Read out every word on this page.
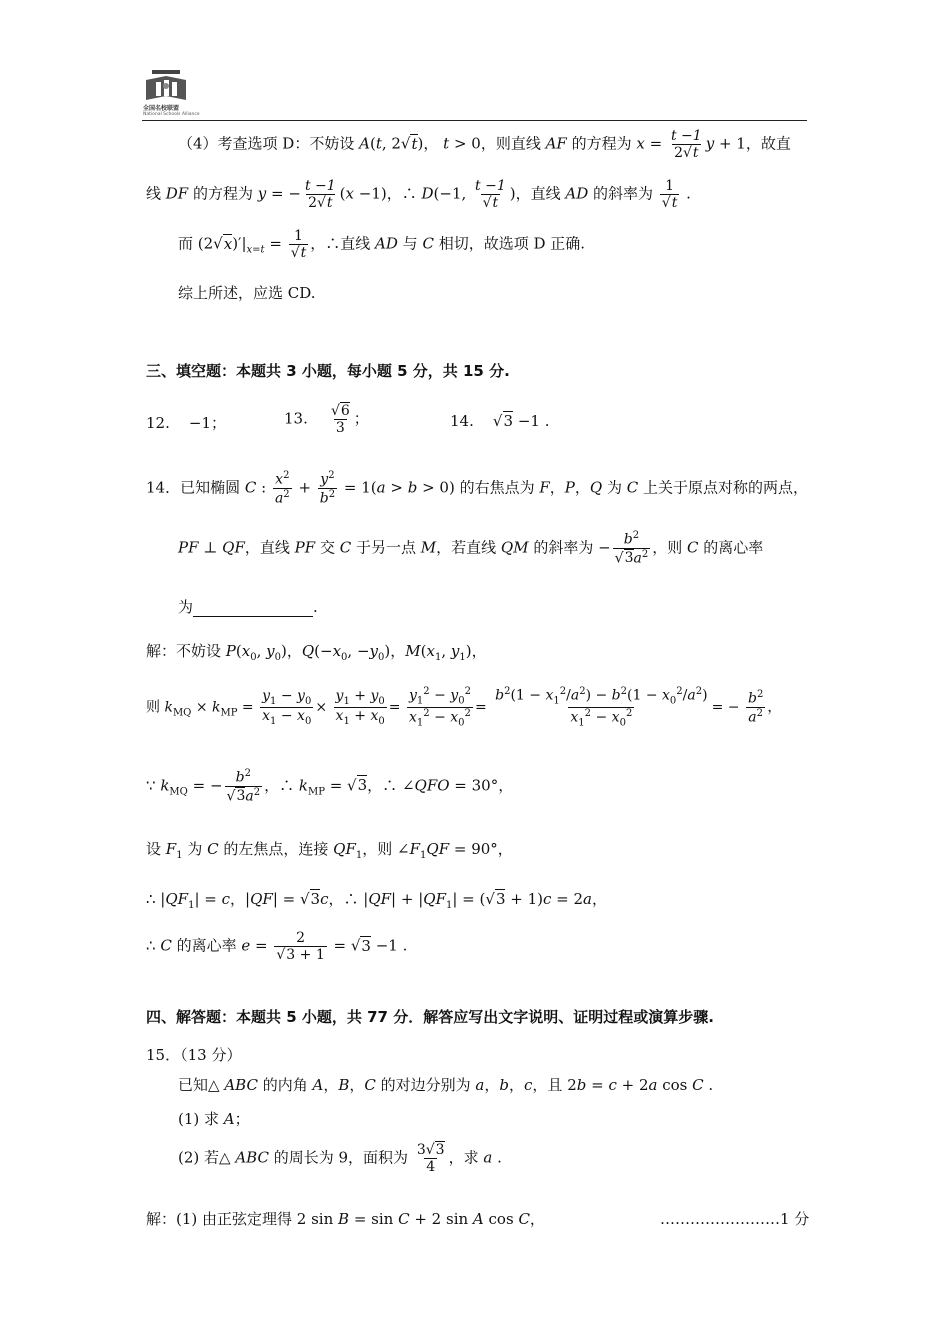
全国名校联盟
National Schools Alliance
（4）考查选项 D：不妨设 A(t, 2√t)， t > 0，则直线 AF 的方程为 $x = \frac{t -1}{2√t}$ y + 1，故直
线 DF 的方程为 y = − $\frac{t -1}{2√t} (x -1)$，∴ D(−1, $\frac{t -1}{√t}$ )，直线 AD 的斜率为 $\frac{1}{√t}$ .
而 $(2√x)'|_{x=t} = \frac{1}{√t}$ ，∴直线 AD 与 C 相切，故选项 D 正确.
综上所述，应选 CD.
三、填空题：本题共 3 小题，每小题 5 分，共 15 分.
12.    −1；	13. $\frac{√6}{3}$ ；	14.    √3 −1 .
14．已知椭圆 C : $\frac{x^2}{a^2} + \frac{y^2}{b^2} = 1(a > b > 0)$ 的右焦点为 F，P，Q 为 C 上关于原点对称的两点，
PF ⊥ QF，直线 PF 交 C 于另一点 M，若直线 QM 的斜率为 − $\frac{b^2}{√3a^2}$ ，则 C 的离心率
为	.
解：不妨设 $P(x_0$, $y_0$)，$Q(-x_0$, $-y_0$)，$M(x_1$, $y_1$)，
则 $k_{MQ} \times k_{MP} = \frac{y_1 - y_0}{x_1 - x_0} \times \frac{y_1 + y_0}{x_1 + x_0} = \frac{y_1^2 - y_0^2}{x_1^2 - x_0^2} = \frac{b^2(1 - x_1^2/a^2) - b^2(1 - x_0^2/a^2)}{x_1^2 - x_0^2}$ = − $\frac{b^2}{a^2}$ ，
∵ $k_{MQ}$ = − $\frac{b^2}{√3a^2}$ ，∴ $k_{MP} = √3$，∴ ∠QFO = 30°，
设 $F_1$ 为 C 的左焦点，连接 $QF_1$，则 $\angle F_1QF = 90^\circ$，
∴ $|QF_1| = c$，|QF| = √3c，∴ $|QF| + |QF_1| = (√3 + 1)c = 2a$，
∴ C 的离心率 $e = \frac{2}{√3 + 1} = √3 -1$ .
四、解答题：本题共 5 小题，共 77 分．解答应写出文字说明、证明过程或演算步骤.
15．（13 分）
已知△ ABC 的内角 A，B，C 的对边分别为 a，b，c，且 2b = c + 2a cos C .
(1) 求 A；
(2) 若△ ABC 的周长为 9，面积为 $\frac{3√3}{4}$ ，求 a .
解：(1) 由正弦定理得 2 sin B = sin C + 2 sin A cos C，	……………………1 分
